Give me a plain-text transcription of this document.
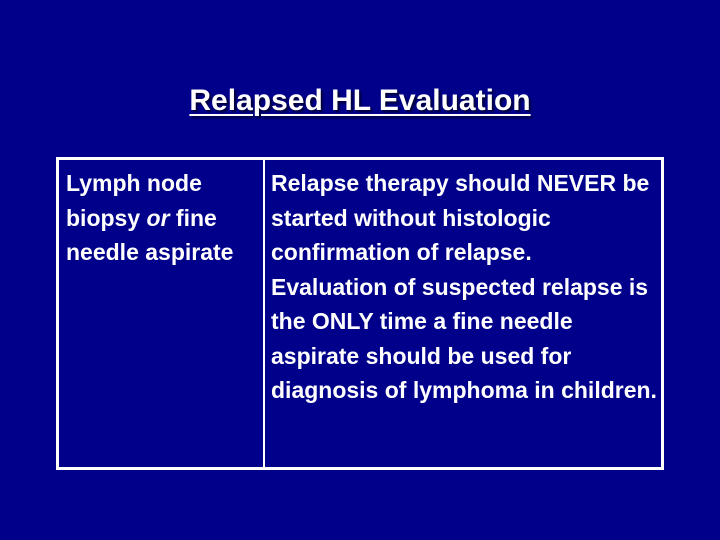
Relapsed HL Evaluation
Lymph node biopsy or fine needle aspirate

Relapse therapy should NEVER be started without histologic confirmation of relapse.

Evaluation of suspected relapse is the ONLY time a fine needle aspirate should be used for diagnosis of lymphoma in children.
